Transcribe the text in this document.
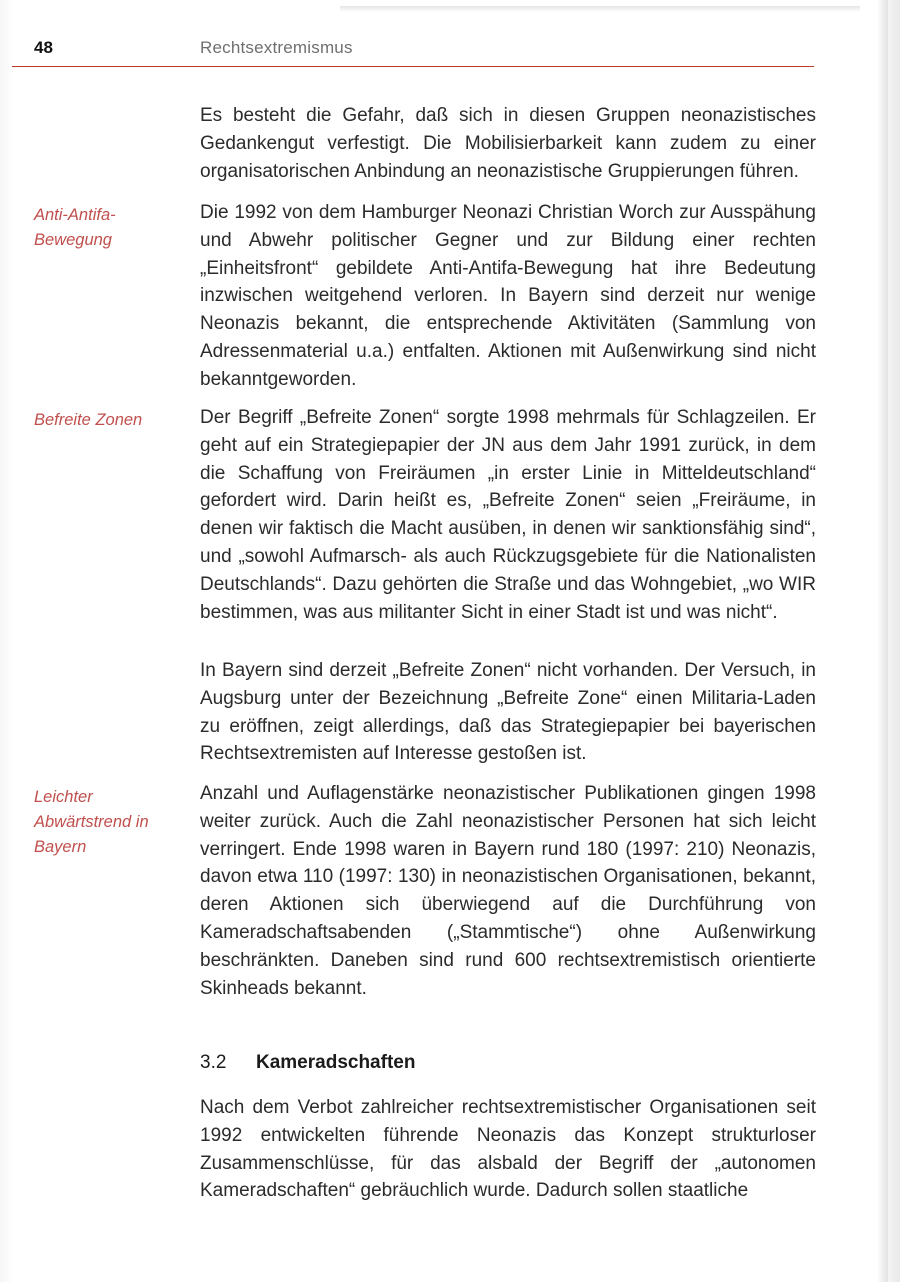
48	Rechtsextremismus
Es besteht die Gefahr, daß sich in diesen Gruppen neonazistisches Gedankengut verfestigt. Die Mobilisierbarkeit kann zudem zu einer organisatorischen Anbindung an neonazistische Gruppierungen führen.
Anti-Antifa-Bewegung
Die 1992 von dem Hamburger Neonazi Christian Worch zur Ausspähung und Abwehr politischer Gegner und zur Bildung einer rechten „Einheitsfront“ gebildete Anti-Antifa-Bewegung hat ihre Bedeutung inzwischen weitgehend verloren. In Bayern sind derzeit nur wenige Neonazis bekannt, die entsprechende Aktivitäten (Sammlung von Adressenmaterial u.a.) entfalten. Aktionen mit Außenwirkung sind nicht bekanntgeworden.
Befreite Zonen	Der Begriff „Befreite Zonen“ sorgte 1998 mehrmals für Schlagzeilen. Er geht auf ein Strategiepapier der JN aus dem Jahr 1991 zurück, in dem die Schaffung von Freiräumen „in erster Linie in Mitteldeutschland“ gefordert wird. Darin heißt es, „Befreite Zonen“ seien „Freiräume, in denen wir faktisch die Macht ausüben, in denen wir sanktionsfähig sind“, und „sowohl Aufmarsch- als auch Rückzugsgebiete für die Nationalisten Deutschlands“. Dazu gehörten die Straße und das Wohngebiet, „wo WIR bestimmen, was aus militanter Sicht in einer Stadt ist und was nicht“.
In Bayern sind derzeit „Befreite Zonen“ nicht vorhanden. Der Versuch, in Augsburg unter der Bezeichnung „Befreite Zone“ einen Militaria-Laden zu eröffnen, zeigt allerdings, daß das Strategiepapier bei bayerischen Rechtsextremisten auf Interesse gestoßen ist.
Leichter Abwärtstrend in Bayern
Anzahl und Auflagenstärke neonazistischer Publikationen gingen 1998 weiter zurück. Auch die Zahl neonazistischer Personen hat sich leicht verringert. Ende 1998 waren in Bayern rund 180 (1997: 210) Neonazis, davon etwa 110 (1997: 130) in neonazistischen Organisationen, bekannt, deren Aktionen sich überwiegend auf die Durchführung von Kameradschaftsabenden („Stammtische“) ohne Außenwirkung beschränkten. Daneben sind rund 600 rechtsextremistisch orientierte Skinheads bekannt.
3.2 Kameradschaften
Nach dem Verbot zahlreicher rechtsextremistischer Organisationen seit 1992 entwickelten führende Neonazis das Konzept strukturloser Zusammenschlüsse, für das alsbald der Begriff der „autonomen Kameradschaften“ gebräuchlich wurde. Dadurch sollen staatliche
